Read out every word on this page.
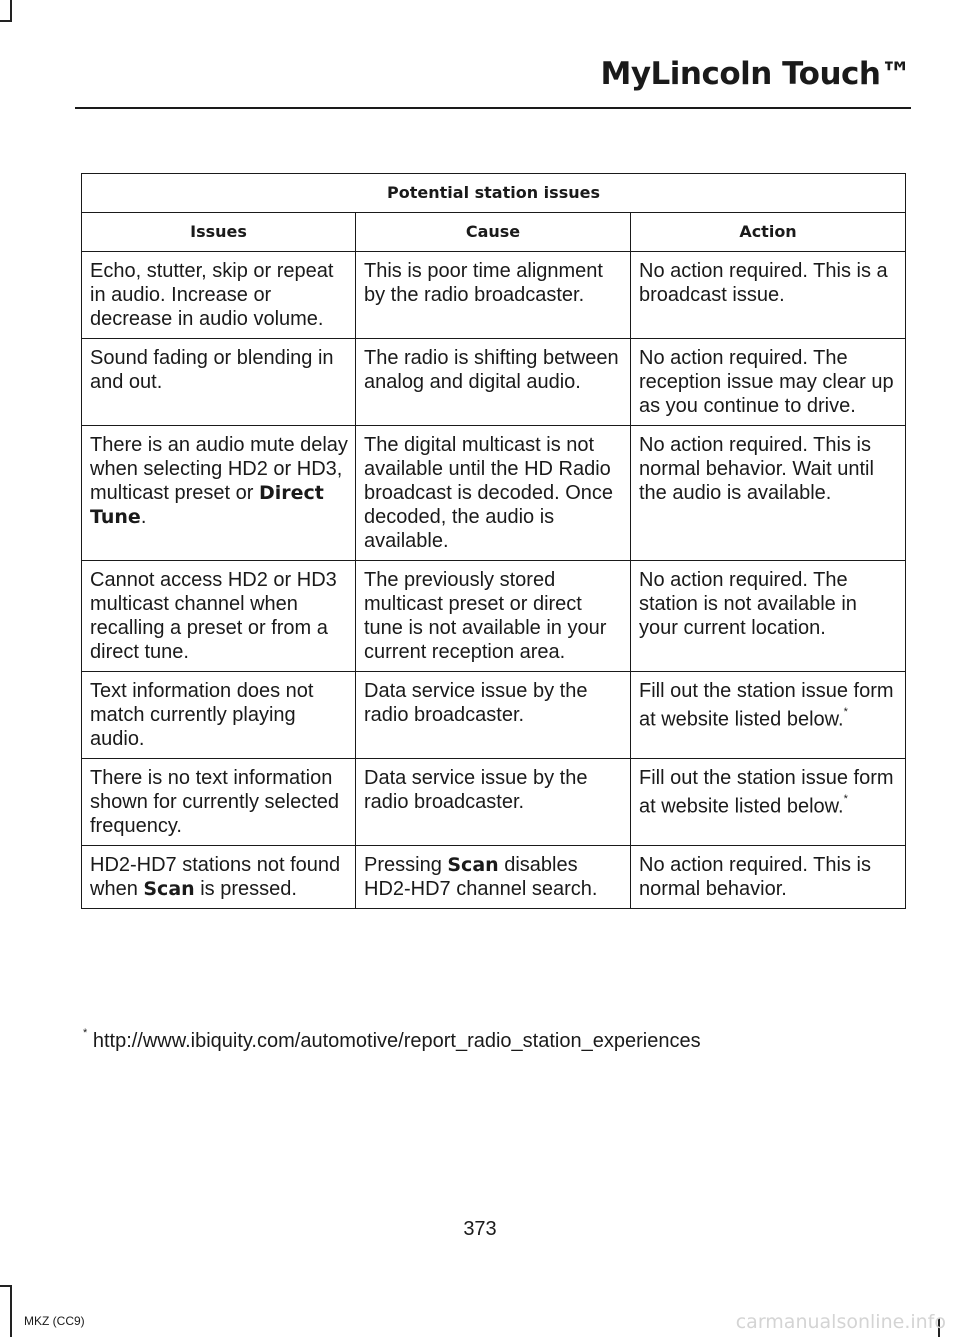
MyLincoln Touch™
Potential station issues		
Issues	Cause	Action
Echo, stutter, skip or repeat in audio. Increase or decrease in audio volume.	This is poor time alignment by the radio broadcaster.	No action required. This is a broadcast issue.
Sound fading or blending in and out.	The radio is shifting between analog and digital audio.	No action required. The reception issue may clear up as you continue to drive.
There is an audio mute delay when selecting HD2 or HD3, multicast preset or Direct Tune.	The digital multicast is not available until the HD Radio broadcast is decoded. Once decoded, the audio is available.	No action required. This is normal behavior. Wait until the audio is available.
Cannot access HD2 or HD3 multicast channel when recalling a preset or from a direct tune.	The previously stored multicast preset or direct tune is not available in your current reception area.	No action required. The station is not available in your current location.
Text information does not match currently playing audio.	Data service issue by the radio broadcaster.	Fill out the station issue form at website listed below.*
There is no text information shown for currently selected frequency.	Data service issue by the radio broadcaster.	Fill out the station issue form at website listed below.*
HD2-HD7 stations not found when Scan is pressed.	Pressing Scan disables HD2-HD7 channel search.	No action required. This is normal behavior.
* http://www.ibiquity.com/automotive/report_radio_station_experiences
373
MKZ (CC9)	carmanualsonline.info
